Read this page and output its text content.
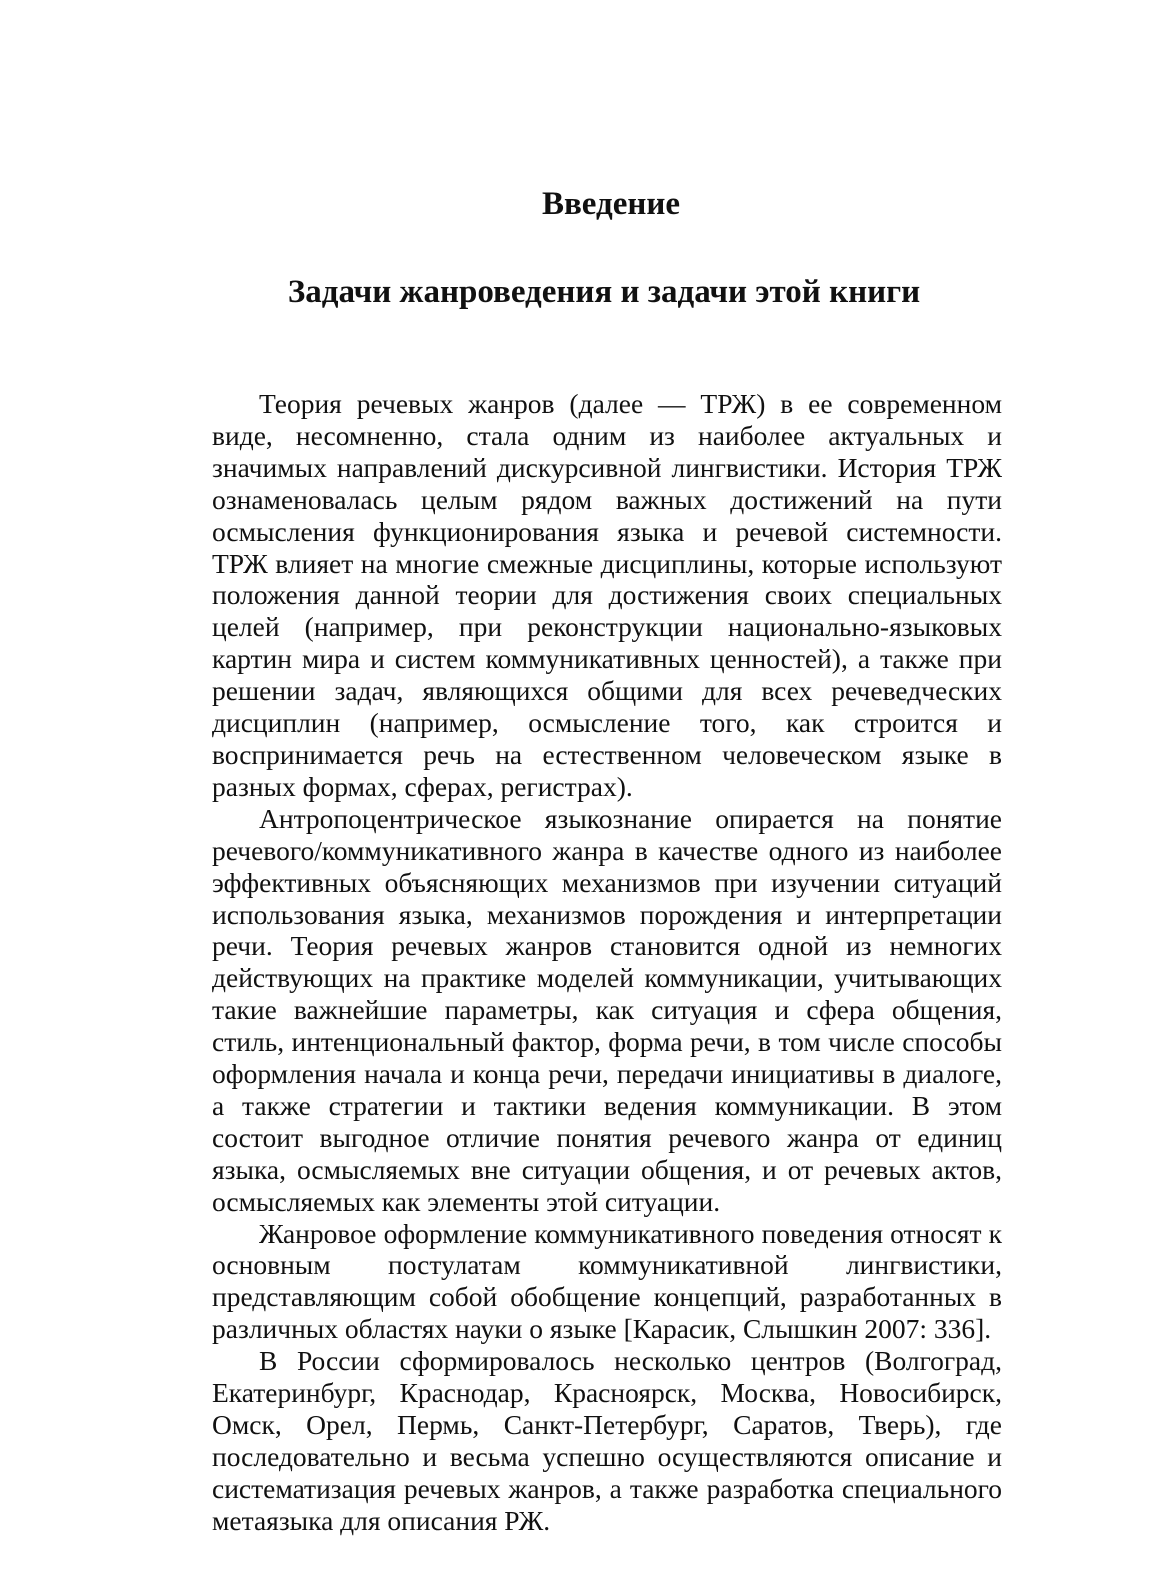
Введение
Задачи жанроведения и задачи этой книги

Теория речевых жанров (далее — ТРЖ) в ее современном виде, несомненно, стала одним из наиболее актуальных и значимых направлений дискурсивной лингвистики. История ТРЖ ознаменовалась целым рядом важных достижений на пути осмысления функционирования языка и речевой системности. ТРЖ влияет на многие смежные дисциплины, которые используют положения данной теории для достижения своих специальных целей (например, при реконструкции национально-языковых картин мира и систем коммуникативных ценностей), а также при решении задач, являющихся общими для всех речеведческих дисциплин (например, осмысление того, как строится и воспринимается речь на естественном человеческом языке в разных формах, сферах, регистрах).

Антропоцентрическое языкознание опирается на понятие речевого/коммуникативного жанра в качестве одного из наиболее эффективных объясняющих механизмов при изучении ситуаций использования языка, механизмов порождения и интерпретации речи. Теория речевых жанров становится одной из немногих действующих на практике моделей коммуникации, учитывающих такие важнейшие параметры, как ситуация и сфера общения, стиль, интенциональный фактор, форма речи, в том числе способы оформления начала и конца речи, передачи инициативы в диалоге, а также стратегии и тактики ведения коммуникации. В этом состоит выгодное отличие понятия речевого жанра от единиц языка, осмысляемых вне ситуации общения, и от речевых актов, осмысляемых как элементы этой ситуации.

Жанровое оформление коммуникативного поведения относят к основным постулатам коммуникативной лингвистики, представляющим собой обобщение концепций, разработанных в различных областях науки о языке [Карасик, Слышкин 2007: 336].

В России сформировалось несколько центров (Волгоград, Екатеринбург, Краснодар, Красноярск, Москва, Новосибирск, Омск, Орел, Пермь, Санкт-Петербург, Саратов, Тверь), где последовательно и весьма успешно осуществляются описание и систематизация речевых жанров, а также разработка специального метаязыка для описания РЖ.
